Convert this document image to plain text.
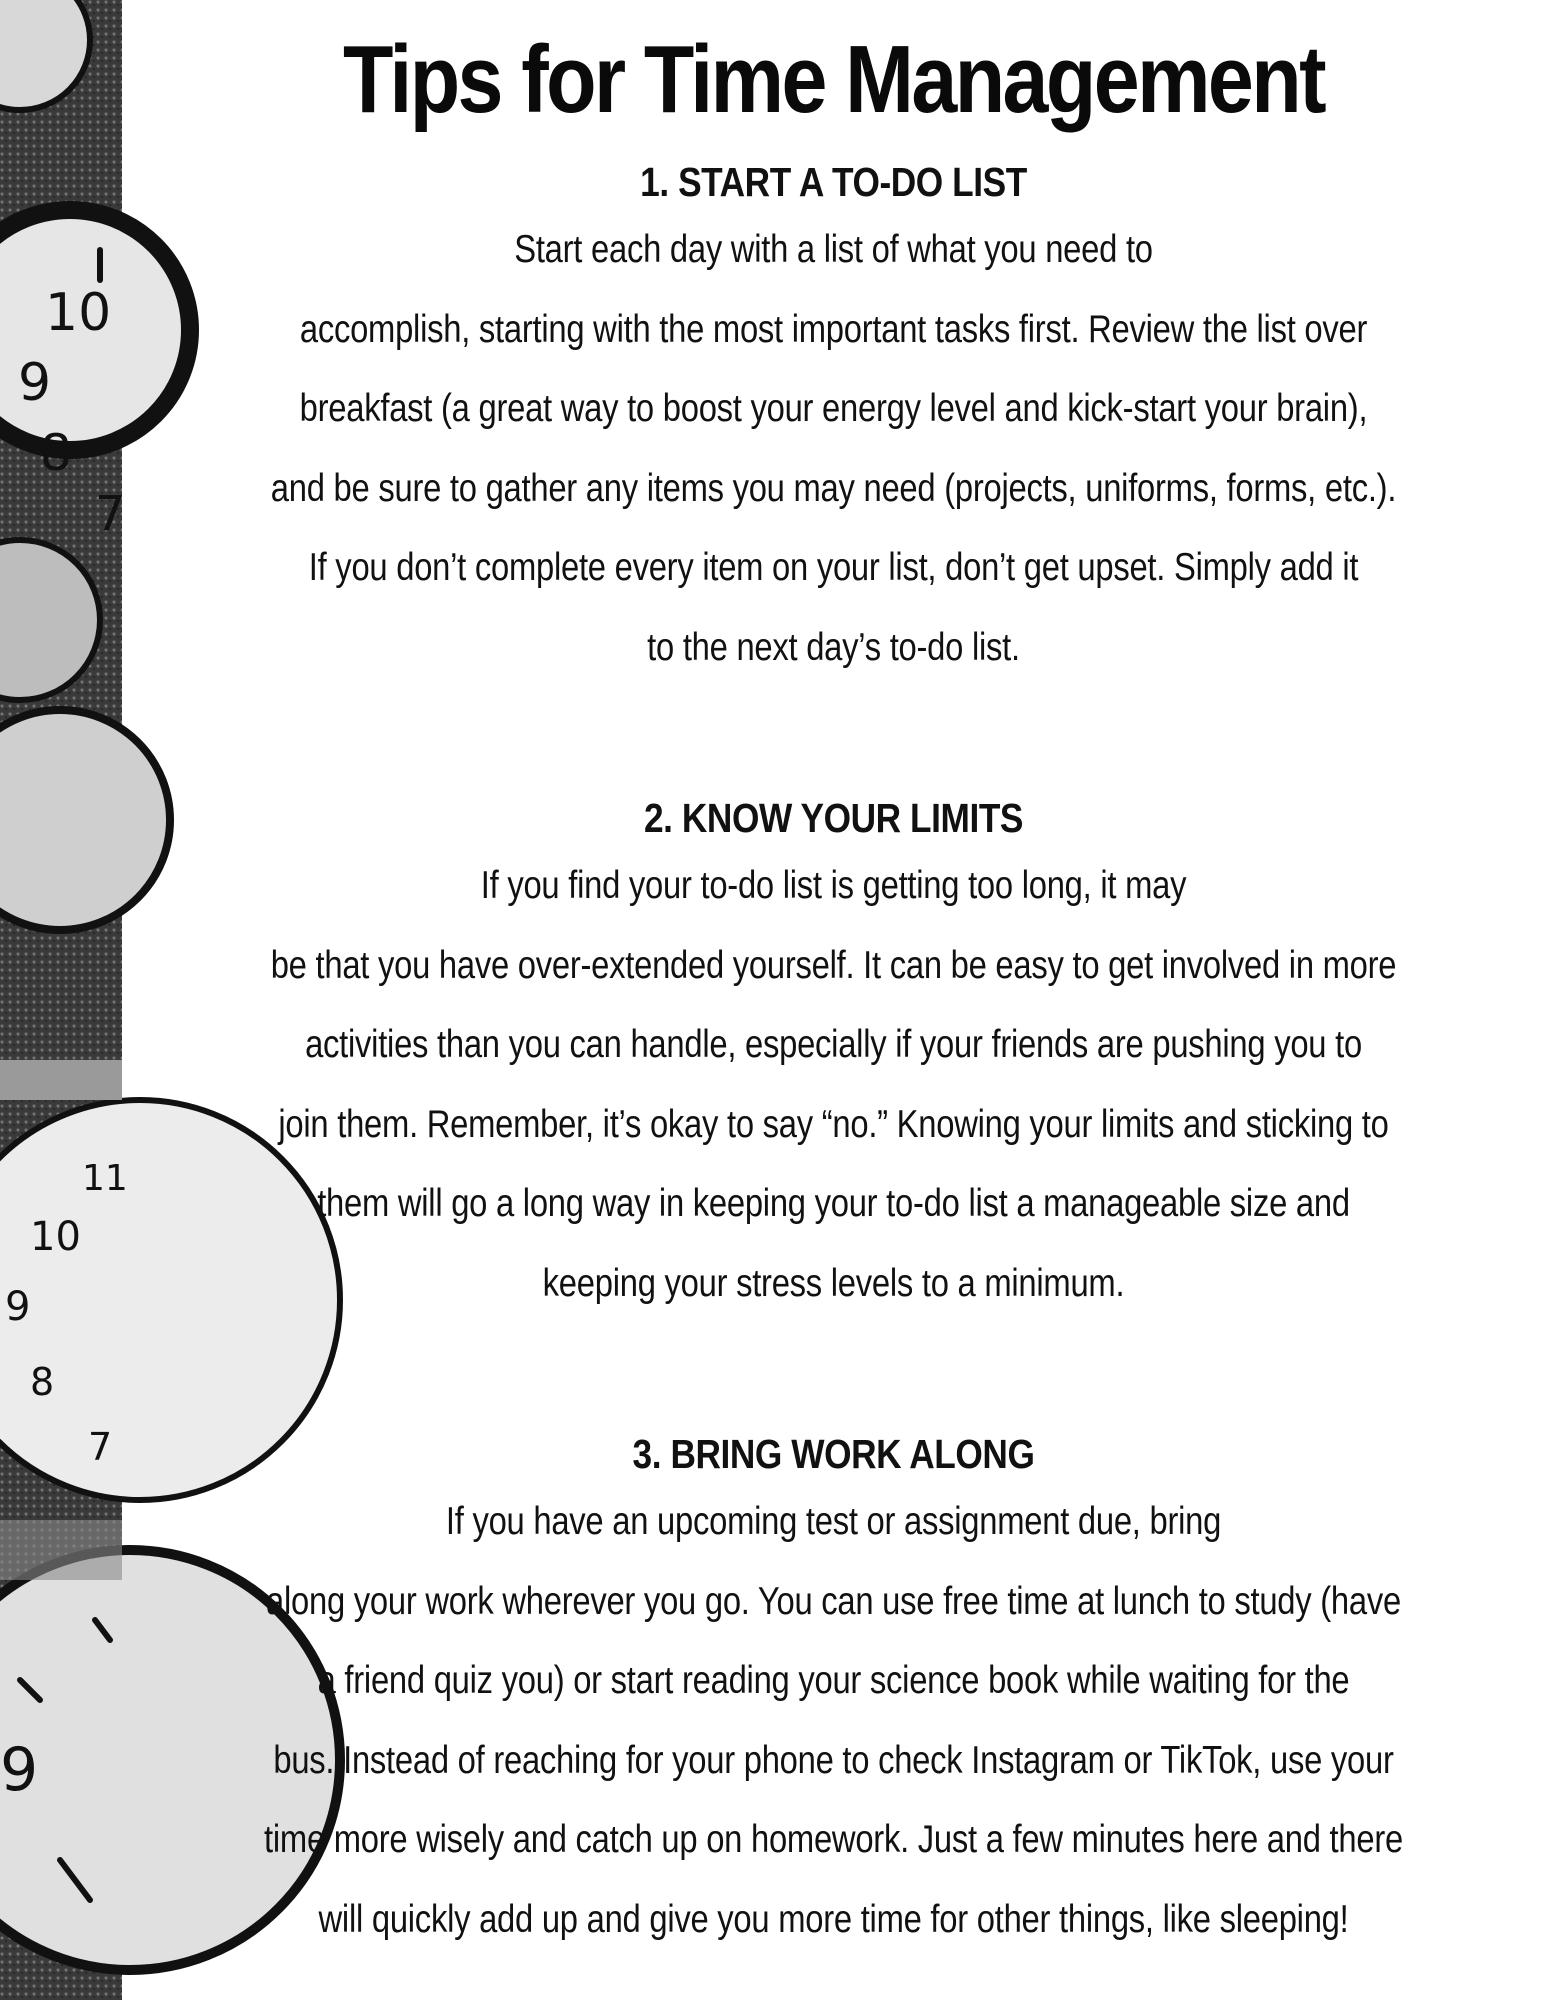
10
9
8
7
10
9
8
7
9
11
Tips for Time Management

1. START A TO-DO LIST

Start each day with a list of what you need to

accomplish, starting with the most important tasks first. Review the list over

breakfast (a great way to boost your energy level and kick-start your brain),

and be sure to gather any items you may need (projects, uniforms, forms, etc.).

If you don’t complete every item on your list, don’t get upset. Simply add it

to the next day’s to-do list.

2. KNOW YOUR LIMITS

If you find your to-do list is getting too long, it may

be that you have over-extended yourself. It can be easy to get involved in more

activities than you can handle, especially if your friends are pushing you to

join them. Remember, it’s okay to say “no.” Knowing your limits and sticking to

them will go a long way in keeping your to-do list a manageable size and

keeping your stress levels to a minimum.

3. BRING WORK ALONG

If you have an upcoming test or assignment due, bring

along your work wherever you go. You can use free time at lunch to study (have

a friend quiz you) or start reading your science book while waiting for the

bus. Instead of reaching for your phone to check Instagram or TikTok, use your

time more wisely and catch up on homework. Just a few minutes here and there

will quickly add up and give you more time for other things, like sleeping!
